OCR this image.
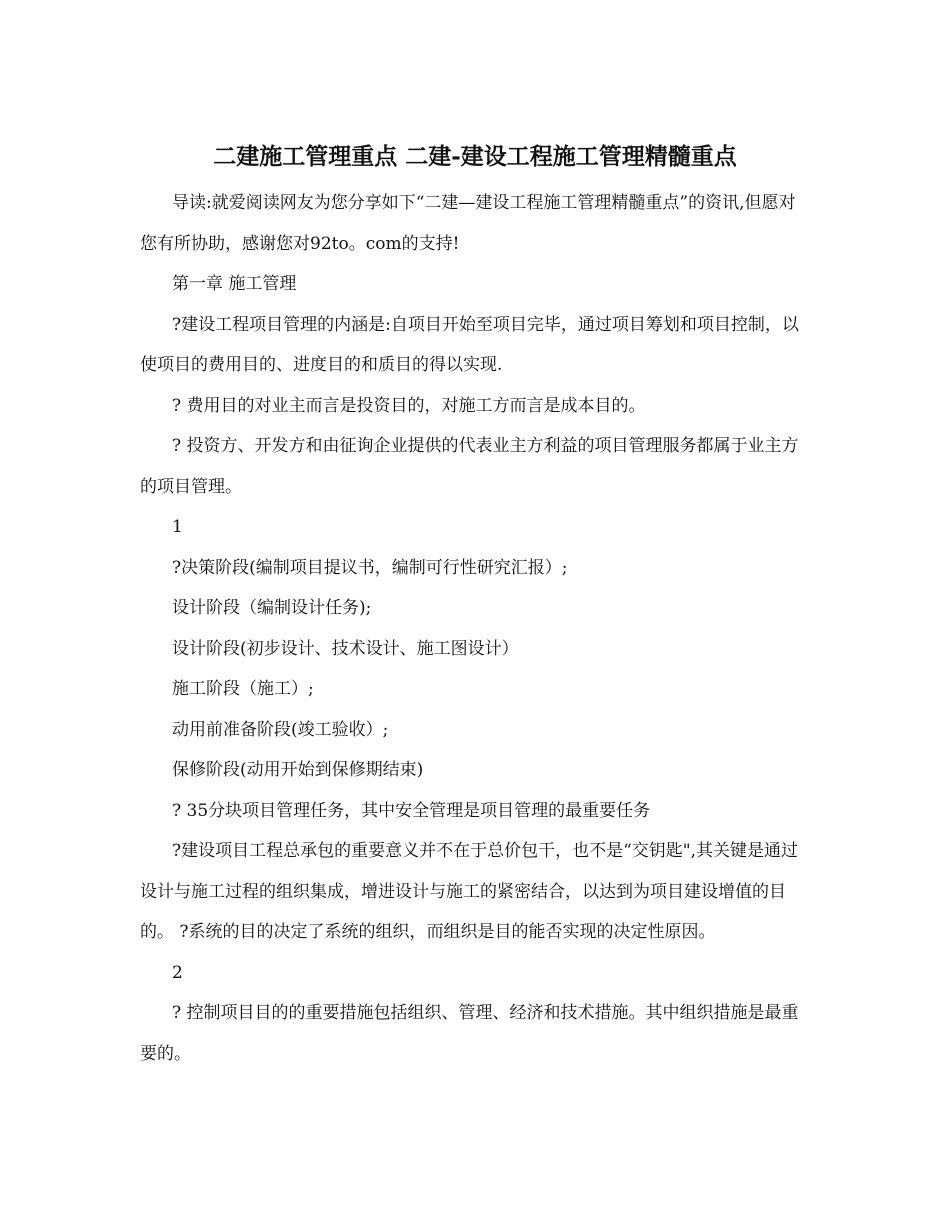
二建施工管理重点 二建-建设工程施工管理精髓重点

导读:就爱阅读网友为您分享如下“二建—建设工程施工管理精髓重点”的资讯,但愿对您有所协助，感谢您对92to。com的支持!

第一章 施工管理

?建设工程项目管理的内涵是:自项目开始至项目完毕，通过项目筹划和项目控制，以使项目的费用目的、进度目的和质目的得以实现.

? 费用目的对业主而言是投资目的，对施工方而言是成本目的。

? 投资方、开发方和由征询企业提供的代表业主方利益的项目管理服务都属于业主方的项目管理。

1

?决策阶段(编制项目提议书，编制可行性研究汇报）;

设计阶段（编制设计任务);

设计阶段(初步设计、技术设计、施工图设计）

施工阶段（施工）;

动用前准备阶段(竣工验收）;

保修阶段(动用开始到保修期结束)

? 35分块项目管理任务，其中安全管理是项目管理的最重要任务

?建设项目工程总承包的重要意义并不在于总价包干，也不是“交钥匙",其关键是通过设计与施工过程的组织集成，增进设计与施工的紧密结合，以达到为项目建设增值的目的。 ?系统的目的决定了系统的组织，而组织是目的能否实现的决定性原因。

2

? 控制项目目的的重要措施包括组织、管理、经济和技术措施。其中组织措施是最重要的。
